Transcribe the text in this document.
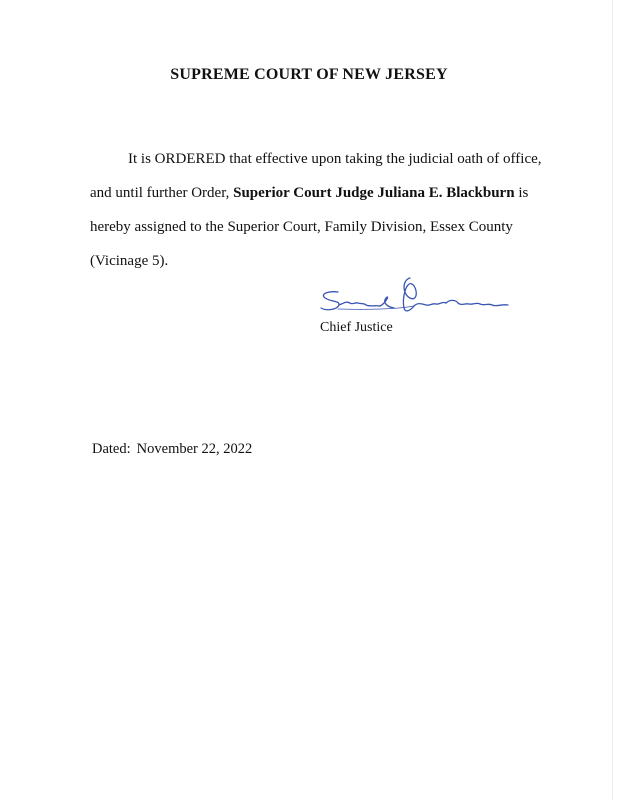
SUPREME COURT OF NEW JERSEY

It is ORDERED that effective upon taking the judicial oath of office, and until further Order, Superior Court Judge Juliana E. Blackburn is hereby assigned to the Superior Court, Family Division, Essex County (Vicinage 5).

Chief Justice
Dated: November 22, 2022
